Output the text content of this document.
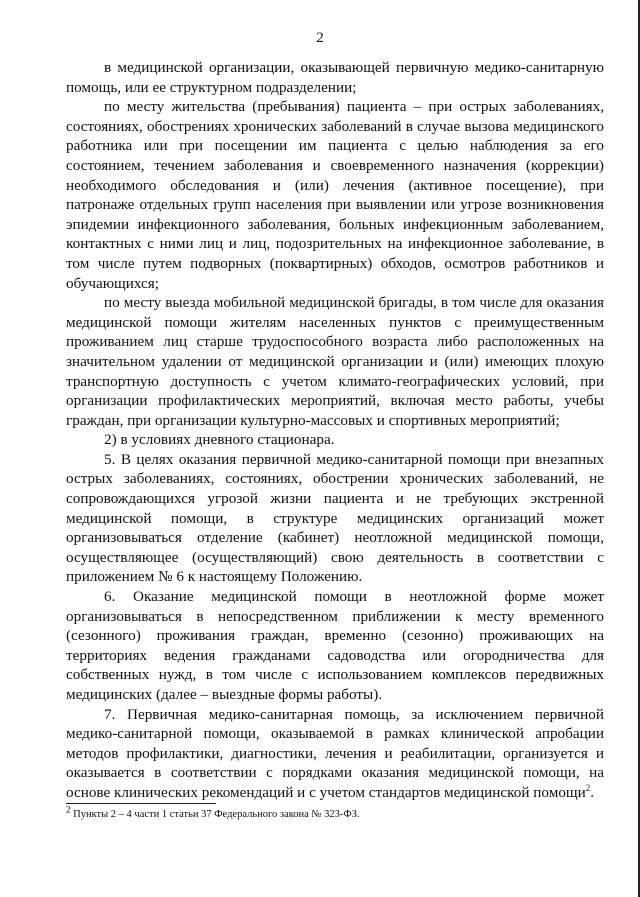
2

в медицинской организации, оказывающей первичную медико-санитарную помощь, или ее структурном подразделении;

по месту жительства (пребывания) пациента – при острых заболеваниях, состояниях, обострениях хронических заболеваний в случае вызова медицинского работника или при посещении им пациента с целью наблюдения за его состоянием, течением заболевания и своевременного назначения (коррекции) необходимого обследования и (или) лечения (активное посещение), при патронаже отдельных групп населения при выявлении или угрозе возникновения эпидемии инфекционного заболевания, больных инфекционным заболеванием, контактных с ними лиц и лиц, подозрительных на инфекционное заболевание, в том числе путем подворных (поквартирных) обходов, осмотров работников и обучающихся;

по месту выезда мобильной медицинской бригады, в том числе для оказания медицинской помощи жителям населенных пунктов с преимущественным проживанием лиц старше трудоспособного возраста либо расположенных на значительном удалении от медицинской организации и (или) имеющих плохую транспортную доступность с учетом климато-географических условий, при организации профилактических мероприятий, включая место работы, учебы граждан, при организации культурно-массовых и спортивных мероприятий;

2) в условиях дневного стационара.

5. В целях оказания первичной медико-санитарной помощи при внезапных острых заболеваниях, состояниях, обострении хронических заболеваний, не сопровождающихся угрозой жизни пациента и не требующих экстренной медицинской помощи, в структуре медицинских организаций может организовываться отделение (кабинет) неотложной медицинской помощи, осуществляющее (осуществляющий) свою деятельность в соответствии с приложением № 6 к настоящему Положению.

6. Оказание медицинской помощи в неотложной форме может организовываться в непосредственном приближении к месту временного (сезонного) проживания граждан, временно (сезонно) проживающих на территориях ведения гражданами садоводства или огородничества для собственных нужд, в том числе с использованием комплексов передвижных медицинских (далее – выездные формы работы).

7. Первичная медико-санитарная помощь, за исключением первичной медико-санитарной помощи, оказываемой в рамках клинической апробации методов профилактики, диагностики, лечения и реабилитации, организуется и оказывается в соответствии с порядками оказания медицинской помощи, на основе клинических рекомендаций и с учетом стандартов медицинской помощи$^2$.

$^2$ Пункты 2 – 4 части 1 статьи 37 Федерального закона № 323-ФЗ.
